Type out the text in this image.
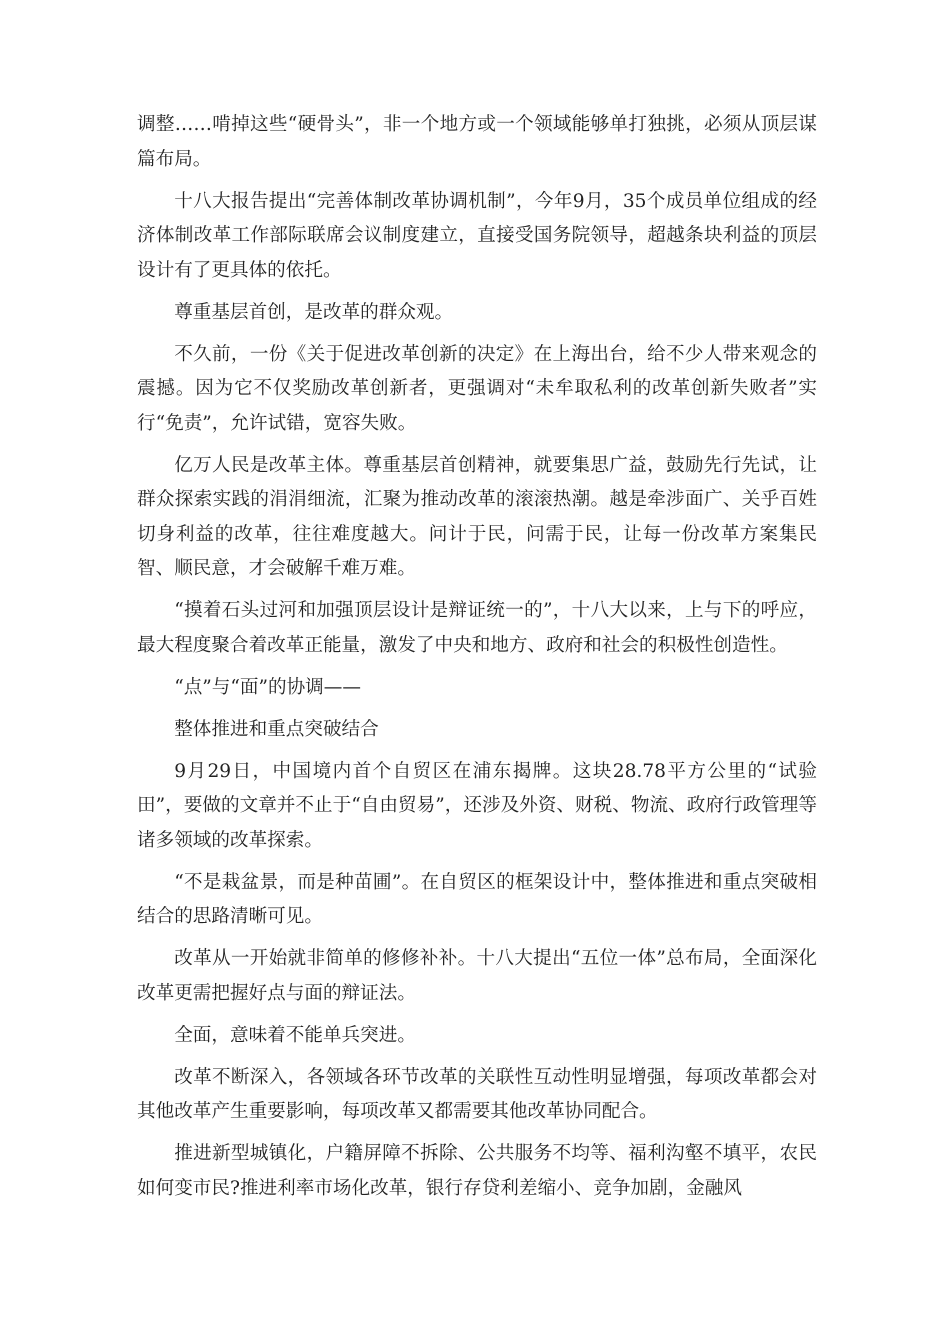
调整……啃掉这些“硬骨头”，非一个地方或一个领域能够单打独挑，必须从顶层谋篇布局。

十八大报告提出“完善体制改革协调机制”，今年9月，35个成员单位组成的经济体制改革工作部际联席会议制度建立，直接受国务院领导，超越条块利益的顶层设计有了更具体的依托。

尊重基层首创，是改革的群众观。

不久前，一份《关于促进改革创新的决定》在上海出台，给不少人带来观念的震撼。因为它不仅奖励改革创新者，更强调对“未牟取私利的改革创新失败者”实行“免责”，允许试错，宽容失败。

亿万人民是改革主体。尊重基层首创精神，就要集思广益，鼓励先行先试，让群众探索实践的涓涓细流，汇聚为推动改革的滚滚热潮。越是牵涉面广、关乎百姓切身利益的改革，往往难度越大。问计于民，问需于民，让每一份改革方案集民智、顺民意，才会破解千难万难。

“摸着石头过河和加强顶层设计是辩证统一的”，十八大以来，上与下的呼应，最大程度聚合着改革正能量，激发了中央和地方、政府和社会的积极性创造性。

“点”与“面”的协调——

整体推进和重点突破结合

9月29日，中国境内首个自贸区在浦东揭牌。这块28.78平方公里的“试验田”，要做的文章并不止于“自由贸易”，还涉及外资、财税、物流、政府行政管理等诸多领域的改革探索。

“不是栽盆景，而是种苗圃”。在自贸区的框架设计中，整体推进和重点突破相结合的思路清晰可见。

改革从一开始就非简单的修修补补。十八大提出“五位一体”总布局，全面深化改革更需把握好点与面的辩证法。

全面，意味着不能单兵突进。

改革不断深入，各领域各环节改革的关联性互动性明显增强，每项改革都会对其他改革产生重要影响，每项改革又都需要其他改革协同配合。

推进新型城镇化，户籍屏障不拆除、公共服务不均等、福利沟壑不填平，农民如何变市民?推进利率市场化改革，银行存贷利差缩小、竞争加剧，金融风
